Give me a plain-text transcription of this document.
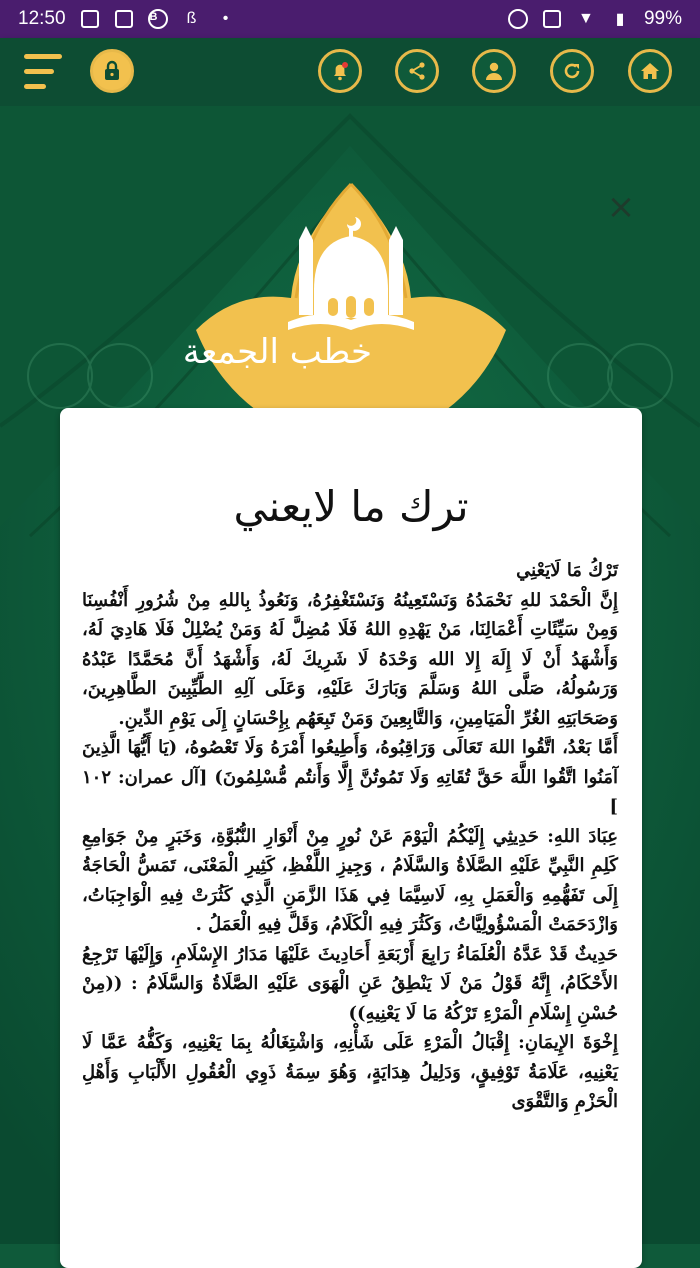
12:50	B	ß	•	▼	▮ 99%
×
خطب الجمعة
ترك ما لايعني

تَرْكُ مَا لَايَعْنِي

إِنَّ الْحَمْدَ للهِ نَحْمَدُهُ وَنَسْتَعِينُهُ وَنَسْتَغْفِرُهُ، وَنَعُوذُ بِاللهِ مِنْ شُرُورِ أَنْفُسِنَا وَمِنْ سَيِّئَاتِ أَعْمَالِنَا، مَنْ يَهْدِهِ اللهُ فَلَا مُضِلَّ لَهُ وَمَنْ يُضْلِلْ فَلَا هَادِيَ لَهُ، وَأَشْهَدُ أَنْ لَا إِلَهَ إِلا الله وَحْدَهُ لَا شَرِيكَ لَهُ، وَأَشْهَدُ أَنَّ مُحَمَّدًا عَبْدُهُ وَرَسُولُهُ، صَلَّى اللهُ وَسَلَّمَ وَبَارَكَ عَلَيْهِ، وَعَلَى آلِهِ الطَّيِّبِينَ الطَّاهِرِينَ، وَصَحَابَتِهِ الغُرِّ الْمَيَامِينِ، وَالتَّابِعِينَ وَمَنْ تَبِعَهُم بِإِحْسَانٍ إِلَى يَوْمِ الدِّينِ.

أَمَّا بَعْدُ، اتَّقُوا اللهَ تَعَالَى وَرَاقِبُوهُ، وَأَطِيعُوا أَمْرَهُ وَلَا تَعْصُوهُ، (يَا أَيُّهَا الَّذِينَ آمَنُوا اتَّقُوا اللَّهَ حَقَّ تُقَاتِهِ وَلَا تَمُوتُنَّ إِلَّا وَأَنتُم مُّسْلِمُونَ) [آل عمران: ١٠٢ ]

عِبَادَ اللهِ: حَدِيثِي إِلَيْكُمُ الْيَوْمَ عَنْ نُورٍ مِنْ أَنْوَارِ النُّبُوَّةِ، وَخَبَرٍ مِنْ جَوَامِعِ كَلِمِ النَّبِيِّ عَلَيْهِ الصَّلَاةُ وَالسَّلَامُ ، وَجِيزِ اللَّفْظِ، كَثِيرِ الْمَعْنَى، تَمَسُّ الْحَاجَةُ إِلَى تَفَهُّمِهِ وَالْعَمَلِ بِهِ، لَاسِيَّمَا فِي هَذَا الزَّمَنِ الَّذِي كَثُرَتْ فِيهِ الْوَاجِبَاتُ، وَازْدَحَمَتْ الْمَسْؤُولِيَّاتُ، وَكَثُرَ فِيهِ الْكَلَامُ، وَقَلَّ فِيهِ الْعَمَلُ .

حَدِيثٌ قَدْ عَدَّهُ الْعُلَمَاءُ رَابِعَ أَرْبَعَةِ أَحَادِيثَ عَلَيْهَا مَدَارُ الإِسْلَامِ، وَإِلَيْهَا تَرْجِعُ الأَحْكَامُ، إِنَّهُ قَوْلُ مَنْ لَا يَنْطِقُ عَنِ الْهَوَى عَلَيْهِ الصَّلَاةُ وَالسَّلَامُ : ((مِنْ حُسْنِ إِسْلَامِ الْمَرْءِ تَرْكُهُ مَا لَا يَعْنِيهِ))

إِخْوَةَ الإِيمَانِ: إِقْبَالُ الْمَرْءِ عَلَى شَأْنِهِ، وَاشْتِغَالُهُ بِمَا يَعْنِيهِ، وَكَفُّهُ عَمَّا لَا يَعْنِيهِ، عَلَامَةُ تَوْفِيقٍ، وَدَلِيلُ هِدَايَةٍ، وَهُوَ سِمَةُ ذَوِي الْعُقُولِ الأَلْبَابِ وَأَهْلِ الْحَزْمِ وَالتَّقْوَى
